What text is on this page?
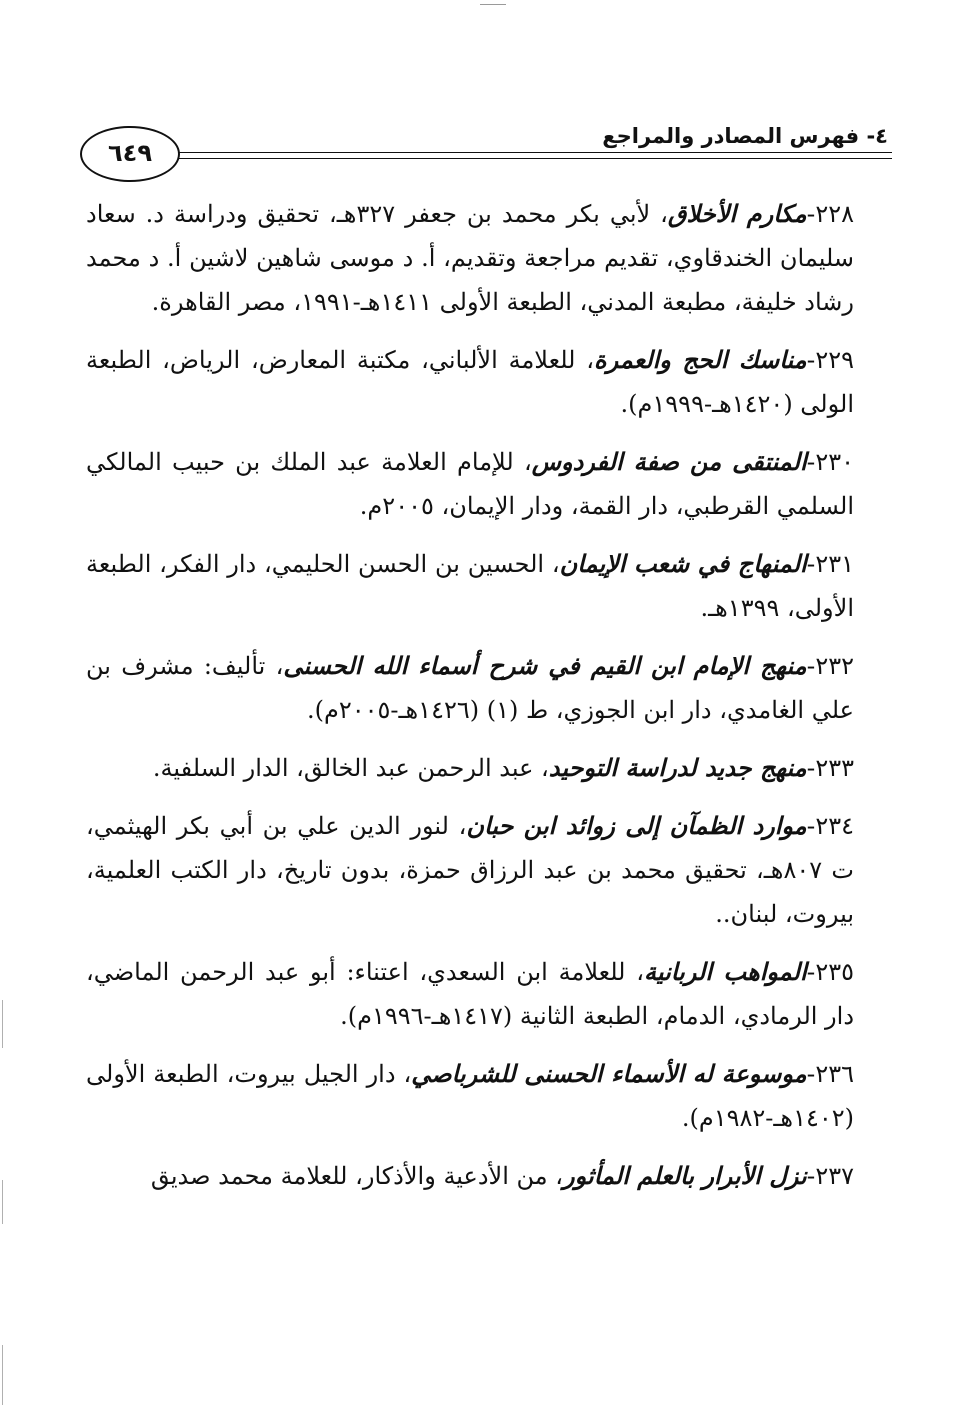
٤- فهرس المصادر والمراجع
٦٤٩

٢٢٨-مكارم الأخلاق، لأبي بكر محمد بن جعفر ٣٢٧هـ، تحقيق ودراسة د. سعاد سليمان الخندقاوي، تقديم مراجعة وتقديم، أ. د موسى شاهين لاشين أ. د محمد رشاد خليفة، مطبعة المدني، الطبعة الأولى ١٤١١هـ-١٩٩١، مصر القاهرة.

٢٢٩-مناسك الحج والعمرة، للعلامة الألباني، مكتبة المعارض، الرياض، الطبعة الولى (١٤٢٠هـ-١٩٩٩م).

٢٣٠-المنتقى من صفة الفردوس، للإمام العلامة عبد الملك بن حبيب المالكي السلمي القرطبي، دار القمة، ودار الإيمان، ٢٠٠٥م.

٢٣١-المنهاج في شعب الإيمان، الحسين بن الحسن الحليمي، دار الفكر، الطبعة الأولى، ١٣٩٩هـ.

٢٣٢-منهج الإمام ابن القيم في شرح أسماء الله الحسنى، تأليف: مشرف بن علي الغامدي، دار ابن الجوزي، ط (١) (١٤٢٦هـ-٢٠٠٥م).

٢٣٣-منهج جديد لدراسة التوحيد، عبد الرحمن عبد الخالق، الدار السلفية.

٢٣٤-موارد الظمآن إلى زوائد ابن حبان، لنور الدين علي بن أبي بكر الهيثمي، ت ٨٠٧هـ، تحقيق محمد بن عبد الرزاق حمزة، بدون تاريخ، دار الكتب العلمية، بيروت، لبنان..

٢٣٥-المواهب الربانية، للعلامة ابن السعدي، اعتناء: أبو عبد الرحمن الماضي، دار الرمادي، الدمام، الطبعة الثانية (١٤١٧هـ-١٩٩٦م).

٢٣٦-موسوعة له الأسماء الحسنى للشرباصي، دار الجيل بيروت، الطبعة الأولى (١٤٠٢هـ-١٩٨٢م).

٢٣٧-نزل الأبرار بالعلم المأثور، من الأدعية والأذكار، للعلامة محمد صديق
